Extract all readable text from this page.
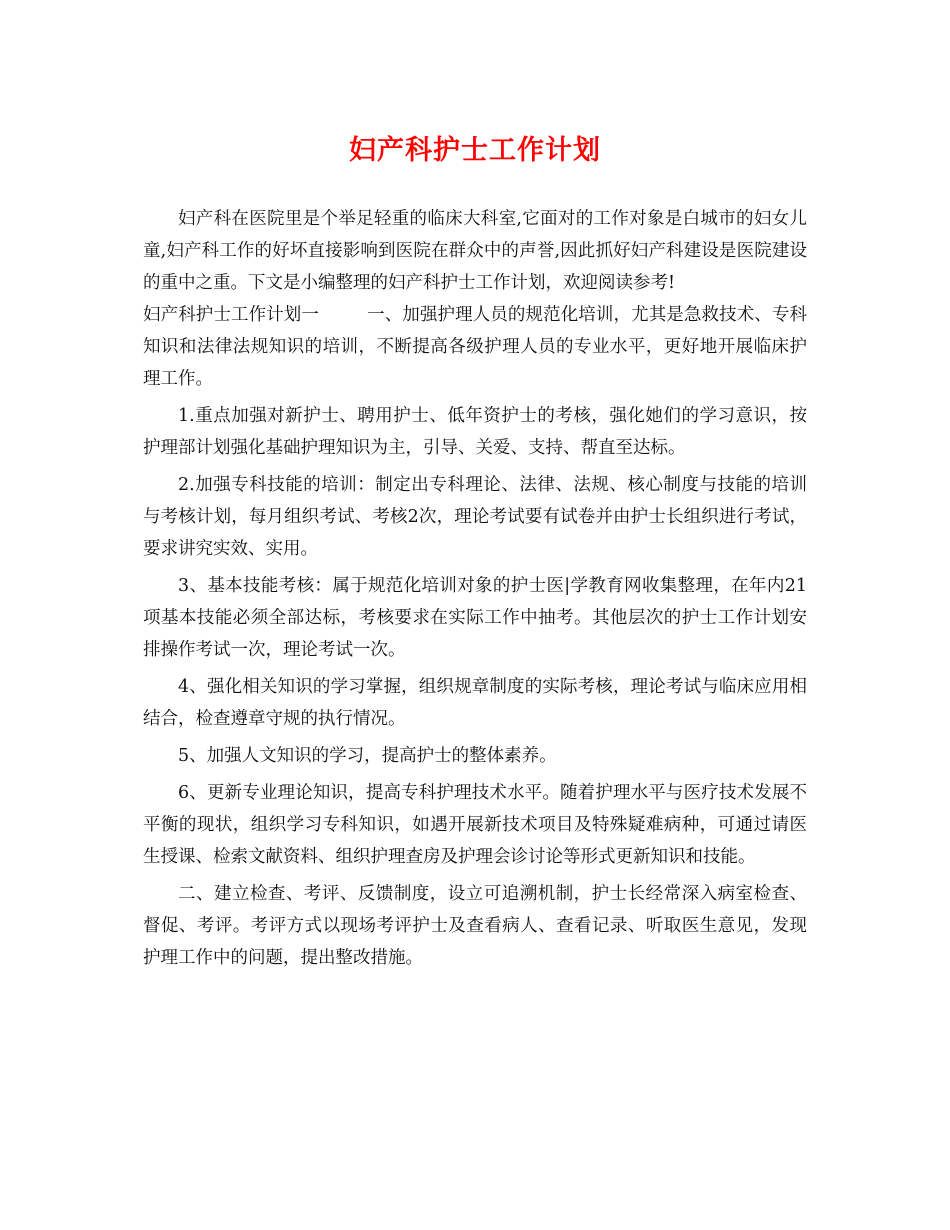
妇产科护士工作计划

妇产科在医院里是个举足轻重的临床大科室,它面对的工作对象是白城市的妇女儿童,妇产科工作的好坏直接影响到医院在群众中的声誉,因此抓好妇产科建设是医院建设的重中之重。下文是小编整理的妇产科护士工作计划，欢迎阅读参考!

妇产科护士工作计划一	一、加强护理人员的规范化培训，尤其是急救技术、专科知识和法律法规知识的培训，不断提高各级护理人员的专业水平，更好地开展临床护理工作。

1.重点加强对新护士、聘用护士、低年资护士的考核，强化她们的学习意识，按护理部计划强化基础护理知识为主，引导、关爱、支持、帮直至达标。

2.加强专科技能的培训：制定出专科理论、法律、法规、核心制度与技能的培训与考核计划，每月组织考试、考核2次，理论考试要有试卷并由护士长组织进行考试，要求讲究实效、实用。

3、基本技能考核：属于规范化培训对象的护士医|学教育网收集整理，在年内21项基本技能必须全部达标，考核要求在实际工作中抽考。其他层次的护士工作计划安排操作考试一次，理论考试一次。

4、强化相关知识的学习掌握，组织规章制度的实际考核，理论考试与临床应用相结合，检查遵章守规的执行情况。

5、加强人文知识的学习，提高护士的整体素养。

6、更新专业理论知识，提高专科护理技术水平。随着护理水平与医疗技术发展不平衡的现状，组织学习专科知识，如遇开展新技术项目及特殊疑难病种，可通过请医生授课、检索文献资料、组织护理查房及护理会诊讨论等形式更新知识和技能。

二、建立检查、考评、反馈制度，设立可追溯机制，护士长经常深入病室检查、督促、考评。考评方式以现场考评护士及查看病人、查看记录、听取医生意见，发现护理工作中的问题，提出整改措施。
